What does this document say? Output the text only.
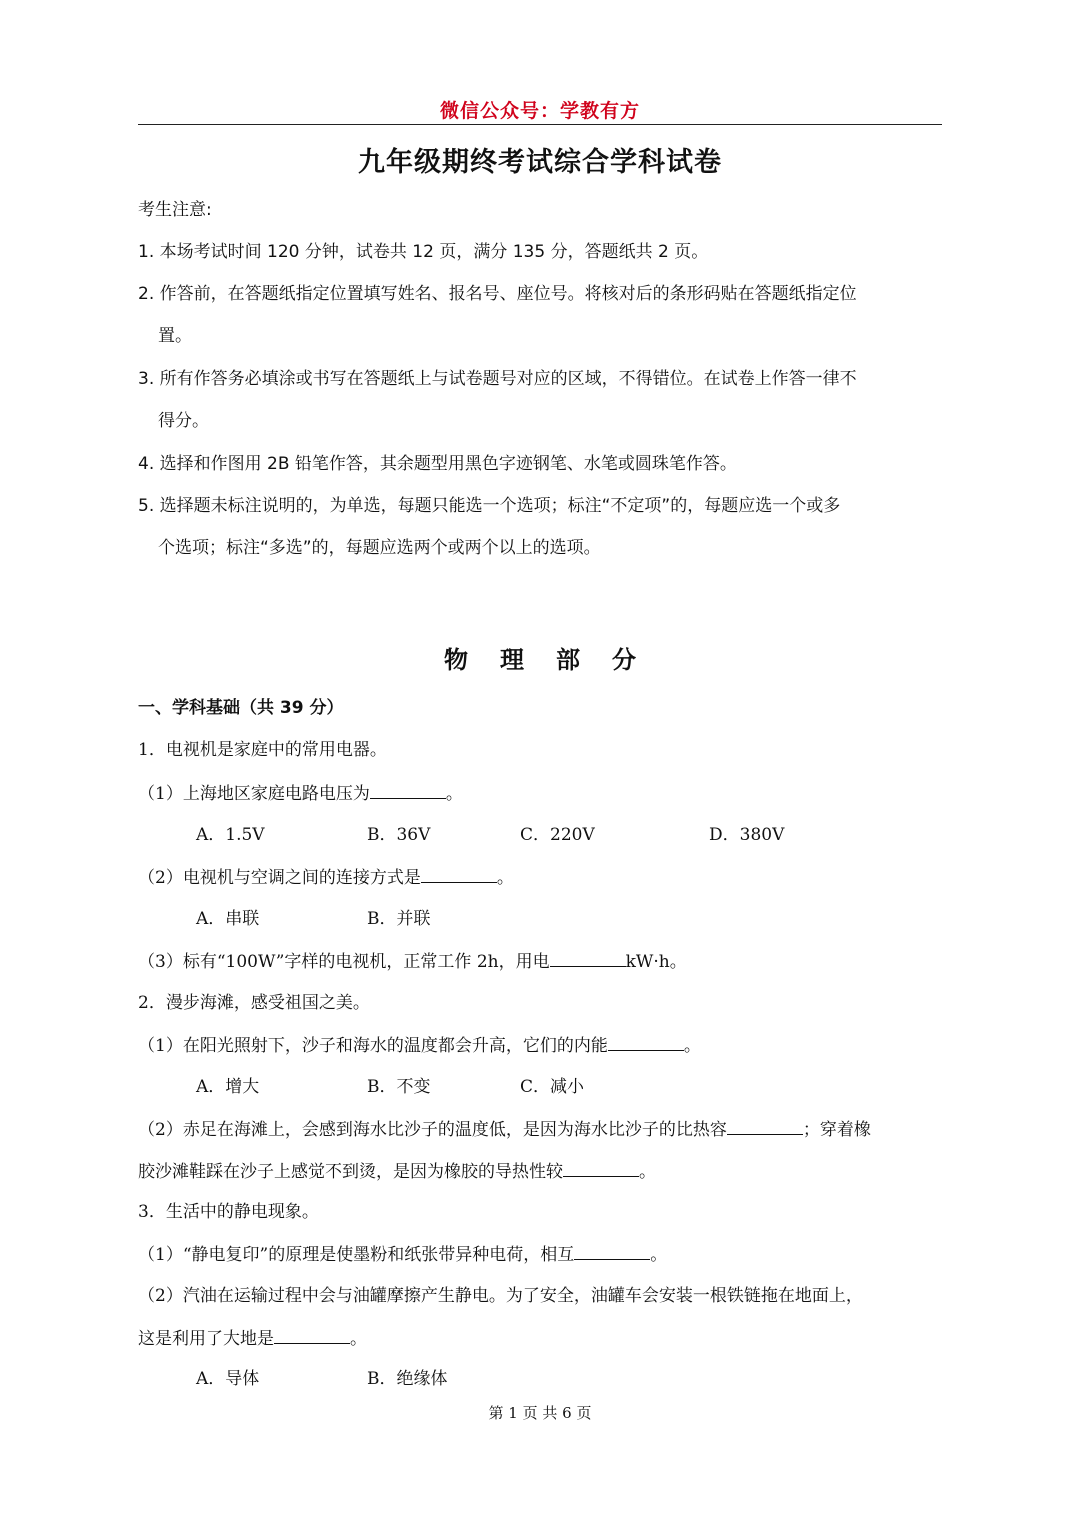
微信公众号：学教有方
九年级期终考试综合学科试卷
考生注意:
1. 本场考试时间 120 分钟，试卷共 12 页，满分 135 分，答题纸共 2 页。
2. 作答前，在答题纸指定位置填写姓名、报名号、座位号。将核对后的条形码贴在答题纸指定位
置。
3. 所有作答务必填涂或书写在答题纸上与试卷题号对应的区域，不得错位。在试卷上作答一律不
得分。
4. 选择和作图用 2B 铅笔作答，其余题型用黑色字迹钢笔、水笔或圆珠笔作答。
5. 选择题未标注说明的，为单选，每题只能选一个选项；标注“不定项”的，每题应选一个或多
个选项；标注“多选”的，每题应选两个或两个以上的选项。
物 理 部 分
一、学科基础（共 39 分）
1．电视机是家庭中的常用电器。
（1）上海地区家庭电路电压为	。
A．1.5V	B．36V	C．220V	D．380V
（2）电视机与空调之间的连接方式是	。
A．串联	B．并联
（3）标有“100W”字样的电视机，正常工作 2h，用电	kW·h。
2．漫步海滩，感受祖国之美。
（1）在阳光照射下，沙子和海水的温度都会升高，它们的内能	。
A．增大	B．不变	C．减小
（2）赤足在海滩上，会感到海水比沙子的温度低，是因为海水比沙子的比热容	；穿着橡
胶沙滩鞋踩在沙子上感觉不到烫，是因为橡胶的导热性较	。
3．生活中的静电现象。
（1）“静电复印”的原理是使墨粉和纸张带异种电荷，相互	。
（2）汽油在运输过程中会与油罐摩擦产生静电。为了安全，油罐车会安装一根铁链拖在地面上，
这是利用了大地是	。
A．导体	B．绝缘体
第 1 页 共 6 页
